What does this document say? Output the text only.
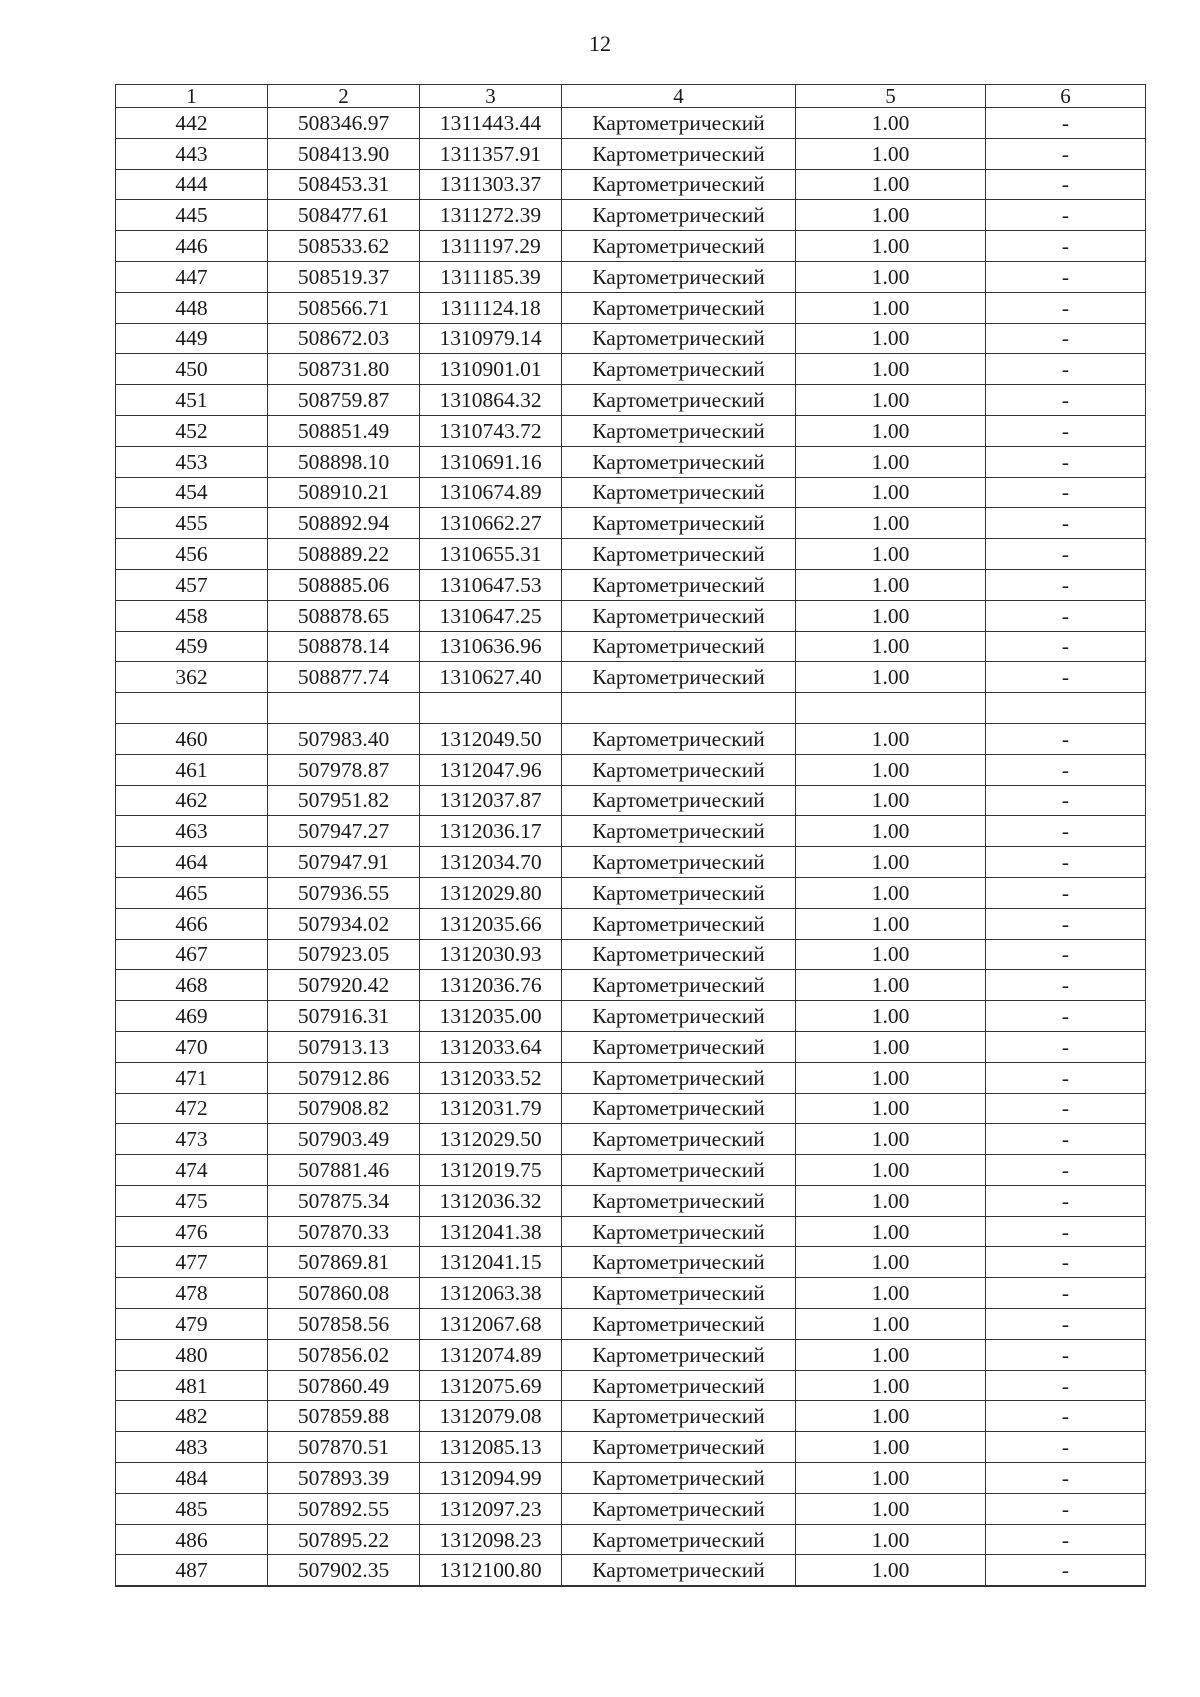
12
1	2	3	4	5	6
442	508346.97	1311443.44	Картометрический	1.00	-
443	508413.90	1311357.91	Картометрический	1.00	-
444	508453.31	1311303.37	Картометрический	1.00	-
445	508477.61	1311272.39	Картометрический	1.00	-
446	508533.62	1311197.29	Картометрический	1.00	-
447	508519.37	1311185.39	Картометрический	1.00	-
448	508566.71	1311124.18	Картометрический	1.00	-
449	508672.03	1310979.14	Картометрический	1.00	-
450	508731.80	1310901.01	Картометрический	1.00	-
451	508759.87	1310864.32	Картометрический	1.00	-
452	508851.49	1310743.72	Картометрический	1.00	-
453	508898.10	1310691.16	Картометрический	1.00	-
454	508910.21	1310674.89	Картометрический	1.00	-
455	508892.94	1310662.27	Картометрический	1.00	-
456	508889.22	1310655.31	Картометрический	1.00	-
457	508885.06	1310647.53	Картометрический	1.00	-
458	508878.65	1310647.25	Картометрический	1.00	-
459	508878.14	1310636.96	Картометрический	1.00	-
362	508877.74	1310627.40	Картометрический	1.00	-

460	507983.40	1312049.50	Картометрический	1.00	-
461	507978.87	1312047.96	Картометрический	1.00	-
462	507951.82	1312037.87	Картометрический	1.00	-
463	507947.27	1312036.17	Картометрический	1.00	-
464	507947.91	1312034.70	Картометрический	1.00	-
465	507936.55	1312029.80	Картометрический	1.00	-
466	507934.02	1312035.66	Картометрический	1.00	-
467	507923.05	1312030.93	Картометрический	1.00	-
468	507920.42	1312036.76	Картометрический	1.00	-
469	507916.31	1312035.00	Картометрический	1.00	-
470	507913.13	1312033.64	Картометрический	1.00	-
471	507912.86	1312033.52	Картометрический	1.00	-
472	507908.82	1312031.79	Картометрический	1.00	-
473	507903.49	1312029.50	Картометрический	1.00	-
474	507881.46	1312019.75	Картометрический	1.00	-
475	507875.34	1312036.32	Картометрический	1.00	-
476	507870.33	1312041.38	Картометрический	1.00	-
477	507869.81	1312041.15	Картометрический	1.00	-
478	507860.08	1312063.38	Картометрический	1.00	-
479	507858.56	1312067.68	Картометрический	1.00	-
480	507856.02	1312074.89	Картометрический	1.00	-
481	507860.49	1312075.69	Картометрический	1.00	-
482	507859.88	1312079.08	Картометрический	1.00	-
483	507870.51	1312085.13	Картометрический	1.00	-
484	507893.39	1312094.99	Картометрический	1.00	-
485	507892.55	1312097.23	Картометрический	1.00	-
486	507895.22	1312098.23	Картометрический	1.00	-
487	507902.35	1312100.80	Картометрический	1.00	-
